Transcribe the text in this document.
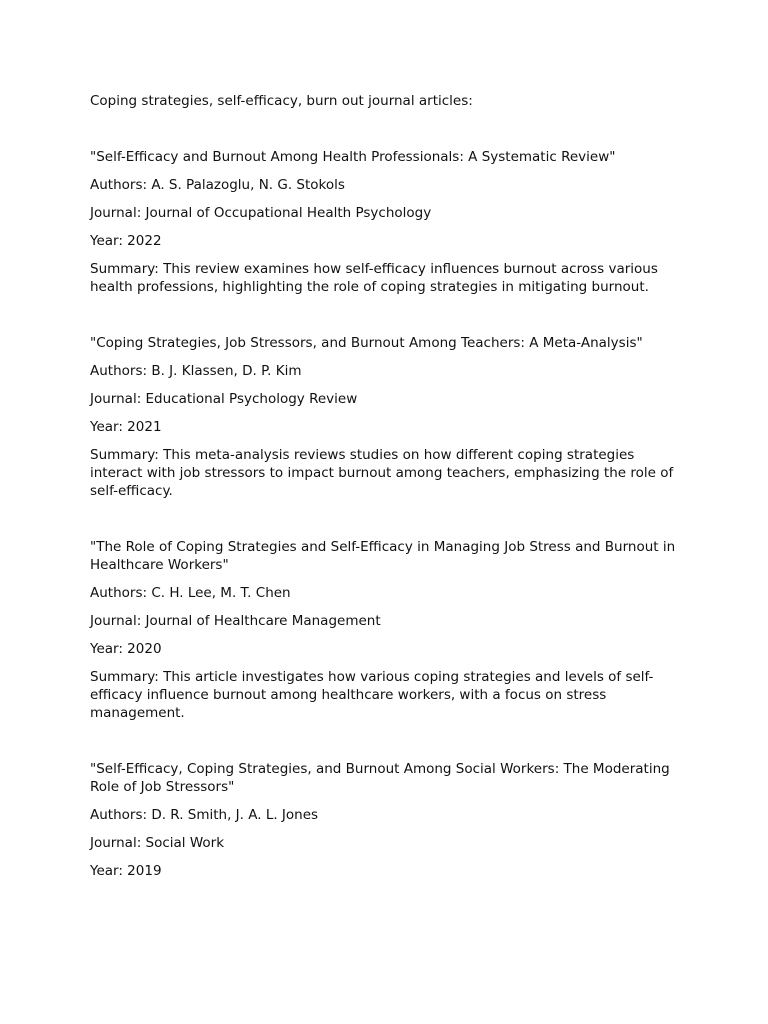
Coping strategies, self-efficacy, burn out journal articles:

"Self-Efficacy and Burnout Among Health Professionals: A Systematic Review"

Authors: A. S. Palazoglu, N. G. Stokols

Journal: Journal of Occupational Health Psychology

Year: 2022

Summary: This review examines how self-efficacy influences burnout across various health professions, highlighting the role of coping strategies in mitigating burnout.

"Coping Strategies, Job Stressors, and Burnout Among Teachers: A Meta-Analysis"

Authors: B. J. Klassen, D. P. Kim

Journal: Educational Psychology Review

Year: 2021

Summary: This meta-analysis reviews studies on how different coping strategies interact with job stressors to impact burnout among teachers, emphasizing the role of self-efficacy.

"The Role of Coping Strategies and Self-Efficacy in Managing Job Stress and Burnout in Healthcare Workers"

Authors: C. H. Lee, M. T. Chen

Journal: Journal of Healthcare Management

Year: 2020

Summary: This article investigates how various coping strategies and levels of self-efficacy influence burnout among healthcare workers, with a focus on stress management.

"Self-Efficacy, Coping Strategies, and Burnout Among Social Workers: The Moderating Role of Job Stressors"

Authors: D. R. Smith, J. A. L. Jones

Journal: Social Work

Year: 2019
